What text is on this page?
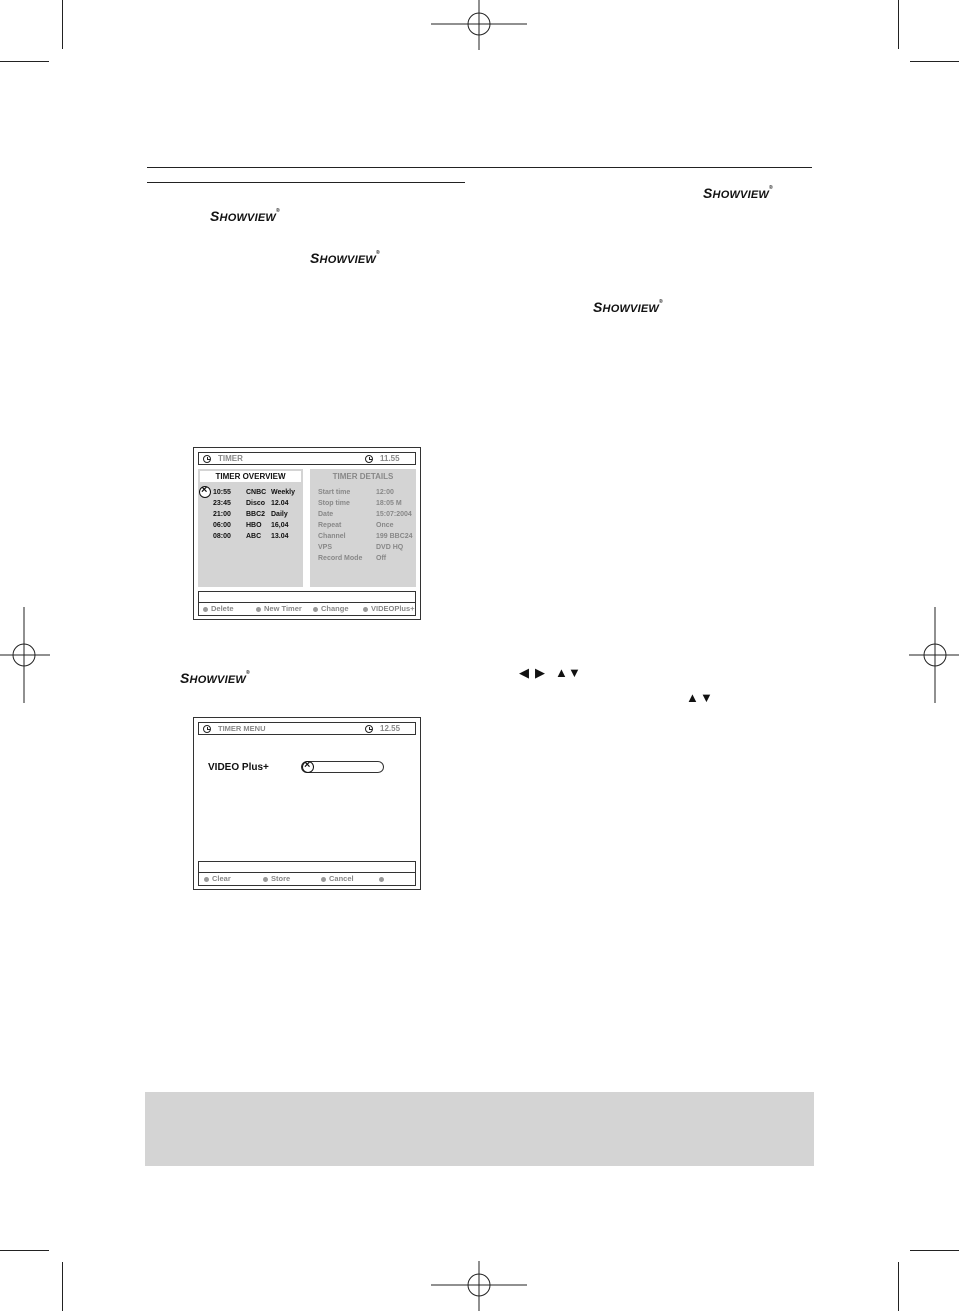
SHOWVIEW®
SHOWVIEW®
SHOWVIEW®
SHOWVIEW®
SHOWVIEW®
TIMER	11.55
TIMER OVERVIEW
×
10:55 CNBC Weekly
23:45 Disco 12.04
21:00 BBC2 Daily
06:00 HBO 16,04
08:00 ABC 13.04
TIMER DETAILS
Start time	12:00
Stop time	18:05 M
Date	15:07:2004
Repeat	Once
Channel	199 BBC24
VPS	DVD HQ
Record Mode Off
Delete	New Timer	Change	VIDEOPlus+
TIMER MENU	12.55
VIDEO Plus+
×
Clear	Store	Cancel
◀ ▶ ▲ ▼
▲ ▼
